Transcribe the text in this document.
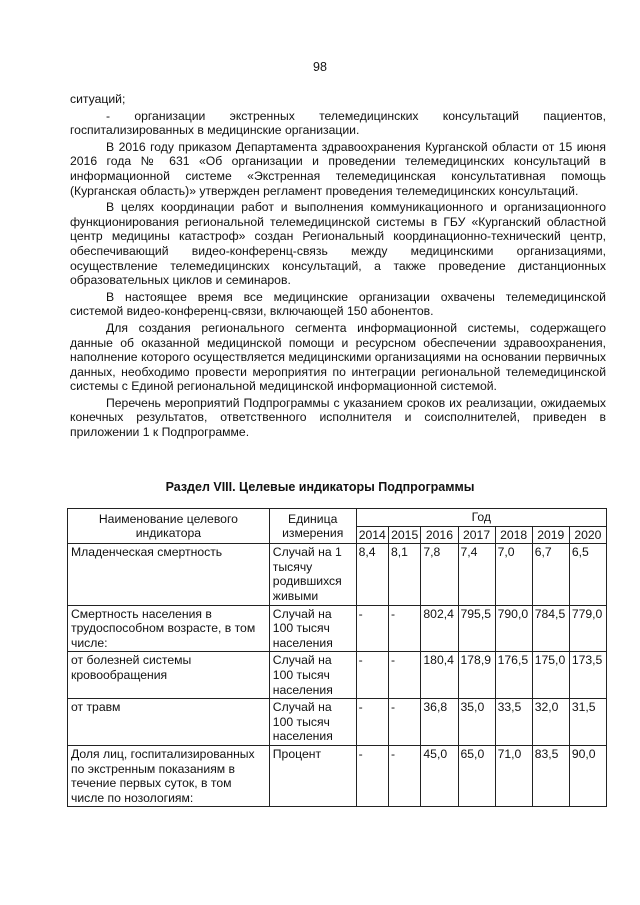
98

ситуаций;

- организации экстренных телемедицинских консультаций пациентов, госпитализированных в медицинские организации.

В 2016 году приказом Департамента здравоохранения Курганской области от 15 июня 2016 года № 631 «Об организации и проведении телемедицинских консультаций в информационной системе «Экстренная телемедицинская консультативная помощь (Курганская область)» утвержден регламент проведения телемедицинских консультаций.

В целях координации работ и выполнения коммуникационного и организационного функционирования региональной телемедицинской системы в ГБУ «Курганский областной центр медицины катастроф» создан Региональный координационно-технический центр, обеспечивающий видео-конференц-связь между медицинскими организациями, осуществление телемедицинских консультаций, а также проведение дистанционных образовательных циклов и семинаров.

В настоящее время все медицинские организации охвачены телемедицинской системой видео-конференц-связи, включающей 150 абонентов.

Для создания регионального сегмента информационной системы, содержащего данные об оказанной медицинской помощи и ресурсном обеспечении здравоохранения, наполнение которого осуществляется медицинскими организациями на основании первичных данных, необходимо провести мероприятия по интеграции региональной телемедицинской системы с Единой региональной медицинской информационной системой.

Перечень мероприятий Подпрограммы с указанием сроков их реализации, ожидаемых конечных результатов, ответственного исполнителя и соисполнителей, приведен в приложении 1 к Подпрограмме.

Раздел VIII. Целевые индикаторы Подпрограммы
Наименование целевого индикатора	Единица измерения	Год						
		2014	2015	2016	2017	2018	2019	2020
Младенческая смертность	Случай на 1 тысячу родившихся живыми	8,4	8,1	7,8	7,4	7,0	6,7	6,5
Смертность населения в трудоспособном возрасте, в том числе:	Случай на 100 тысяч населения	-	-	802,4	795,5	790,0	784,5	779,0
от болезней системы кровообращения	Случай на 100 тысяч населения	-	-	180,4	178,9	176,5	175,0	173,5
от травм	Случай на 100 тысяч населения	-	-	36,8	35,0	33,5	32,0	31,5
Доля лиц, госпитализированных по экстренным показаниям в течение первых суток, в том числе по нозологиям:	Процент	-	-	45,0	65,0	71,0	83,5	90,0
